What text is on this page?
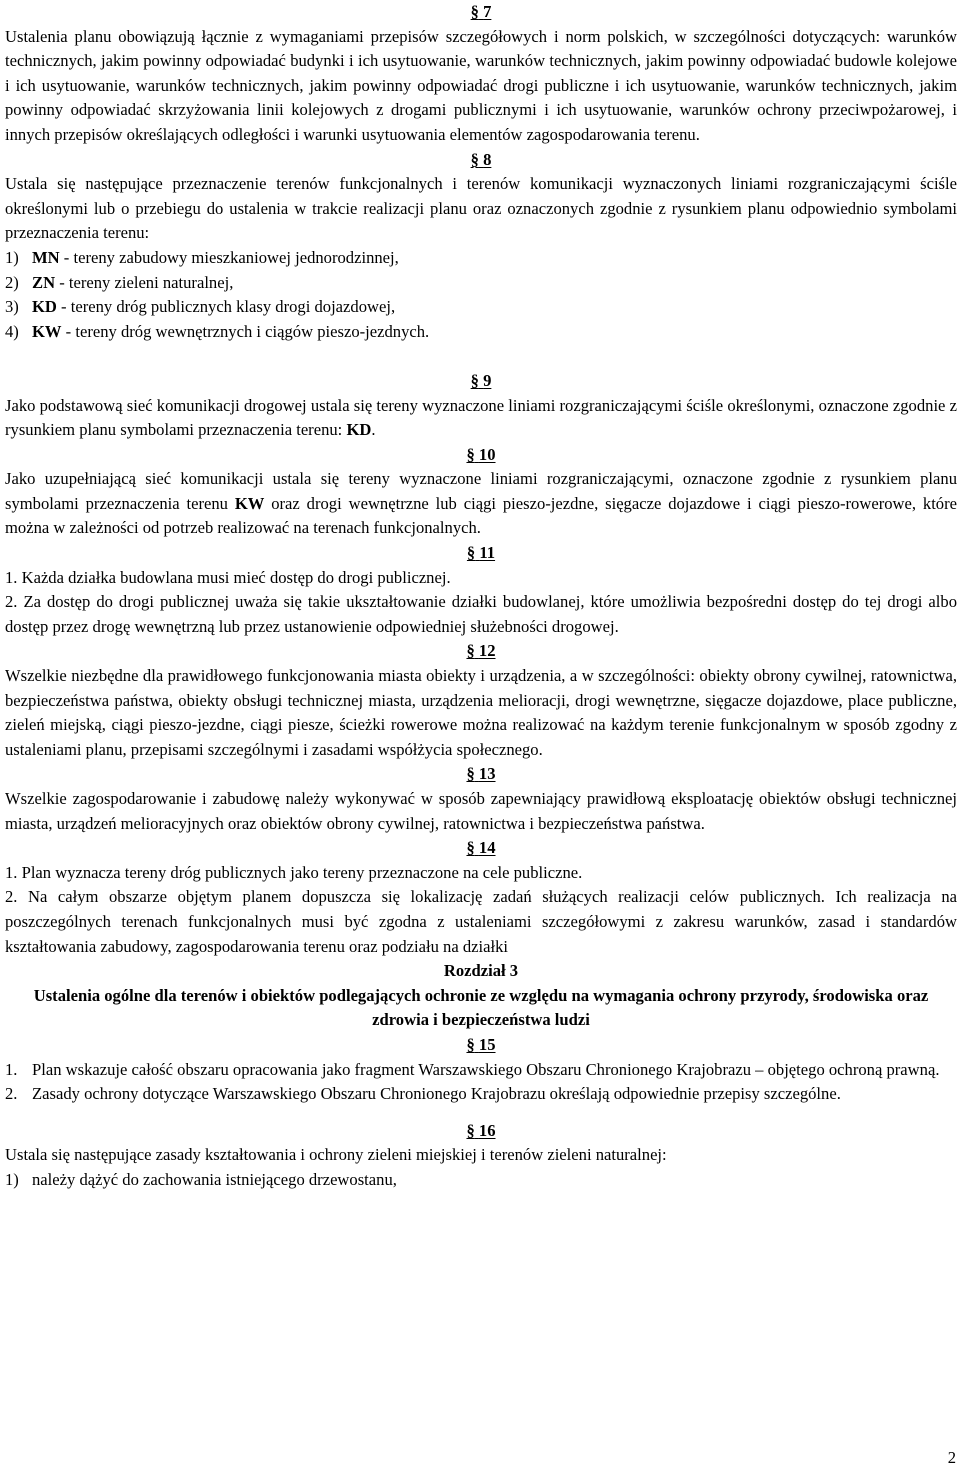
§ 7

Ustalenia planu obowiązują łącznie z wymaganiami przepisów szczegółowych i norm polskich, w szczególności dotyczących: warunków technicznych, jakim powinny odpowiadać budynki i ich usytuowanie, warunków technicznych, jakim powinny odpowiadać budowle kolejowe i ich usytuowanie, warunków technicznych, jakim powinny odpowiadać drogi publiczne i ich usytuowanie, warunków technicznych, jakim powinny odpowiadać skrzyżowania linii kolejowych z drogami publicznymi i ich usytuowanie, warunków ochrony przeciwpożarowej, i innych przepisów określających odległości i warunki usytuowania elementów zagospodarowania terenu.

§ 8

Ustala się następujące przeznaczenie terenów funkcjonalnych i terenów komunikacji wyznaczonych liniami rozgraniczającymi ściśle określonymi lub o przebiegu do ustalenia w trakcie realizacji planu oraz oznaczonych zgodnie z rysunkiem planu odpowiednio symbolami przeznaczenia terenu:

1) MN - tereny zabudowy mieszkaniowej jednorodzinnej,
2) ZN - tereny zieleni naturalnej,
3) KD - tereny dróg publicznych klasy drogi dojazdowej,
4) KW - tereny dróg wewnętrznych i ciągów pieszo-jezdnych.
§ 9

Jako podstawową sieć komunikacji drogowej ustala się tereny wyznaczone liniami rozgraniczającymi ściśle określonymi, oznaczone zgodnie z rysunkiem planu symbolami przeznaczenia terenu: KD.

§ 10

Jako uzupełniającą sieć komunikacji ustala się tereny wyznaczone liniami rozgraniczającymi, oznaczone zgodnie z rysunkiem planu symbolami przeznaczenia terenu KW oraz drogi wewnętrzne lub ciągi pieszo-jezdne, sięgacze dojazdowe i ciągi pieszo-rowerowe, które można w zależności od potrzeb realizować na terenach funkcjonalnych.

§ 11

1. Każda działka budowlana musi mieć dostęp do drogi publicznej.

2. Za dostęp do drogi publicznej uważa się takie ukształtowanie działki budowlanej, które umożliwia bezpośredni dostęp do tej drogi albo dostęp przez drogę wewnętrzną lub przez ustanowienie odpowiedniej służebności drogowej.

§ 12

Wszelkie niezbędne dla prawidłowego funkcjonowania miasta obiekty i urządzenia, a w szczególności: obiekty obrony cywilnej, ratownictwa, bezpieczeństwa państwa, obiekty obsługi technicznej miasta, urządzenia melioracji, drogi wewnętrzne, sięgacze dojazdowe, place publiczne, zieleń miejską, ciągi pieszo-jezdne, ciągi piesze, ścieżki rowerowe można realizować na każdym terenie funkcjonalnym w sposób zgodny z ustaleniami planu, przepisami szczególnymi i zasadami współżycia społecznego.

§ 13

Wszelkie zagospodarowanie i zabudowę należy wykonywać w sposób zapewniający prawidłową eksploatację obiektów obsługi technicznej miasta, urządzeń melioracyjnych oraz obiektów obrony cywilnej, ratownictwa i bezpieczeństwa państwa.

§ 14

1. Plan wyznacza tereny dróg publicznych jako tereny przeznaczone na cele publiczne.

2. Na całym obszarze objętym planem dopuszcza się lokalizację zadań służących realizacji celów publicznych. Ich realizacja na poszczególnych terenach funkcjonalnych musi być zgodna z ustaleniami szczegółowymi z zakresu warunków, zasad i standardów kształtowania zabudowy, zagospodarowania terenu oraz podziału na działki

Rozdział 3

Ustalenia ogólne dla terenów i obiektów podlegających ochronie ze względu na wymagania ochrony przyrody, środowiska oraz zdrowia i bezpieczeństwa ludzi

§ 15
1. Plan wskazuje całość obszaru opracowania jako fragment Warszawskiego Obszaru Chronionego Krajobrazu – objętego ochroną prawną.
2. Zasady ochrony dotyczące Warszawskiego Obszaru Chronionego Krajobrazu określają odpowiednie przepisy szczególne.
§ 16

Ustala się następujące zasady kształtowania i ochrony zieleni miejskiej i terenów zieleni naturalnej:

1) należy dążyć do zachowania istniejącego drzewostanu,
2
